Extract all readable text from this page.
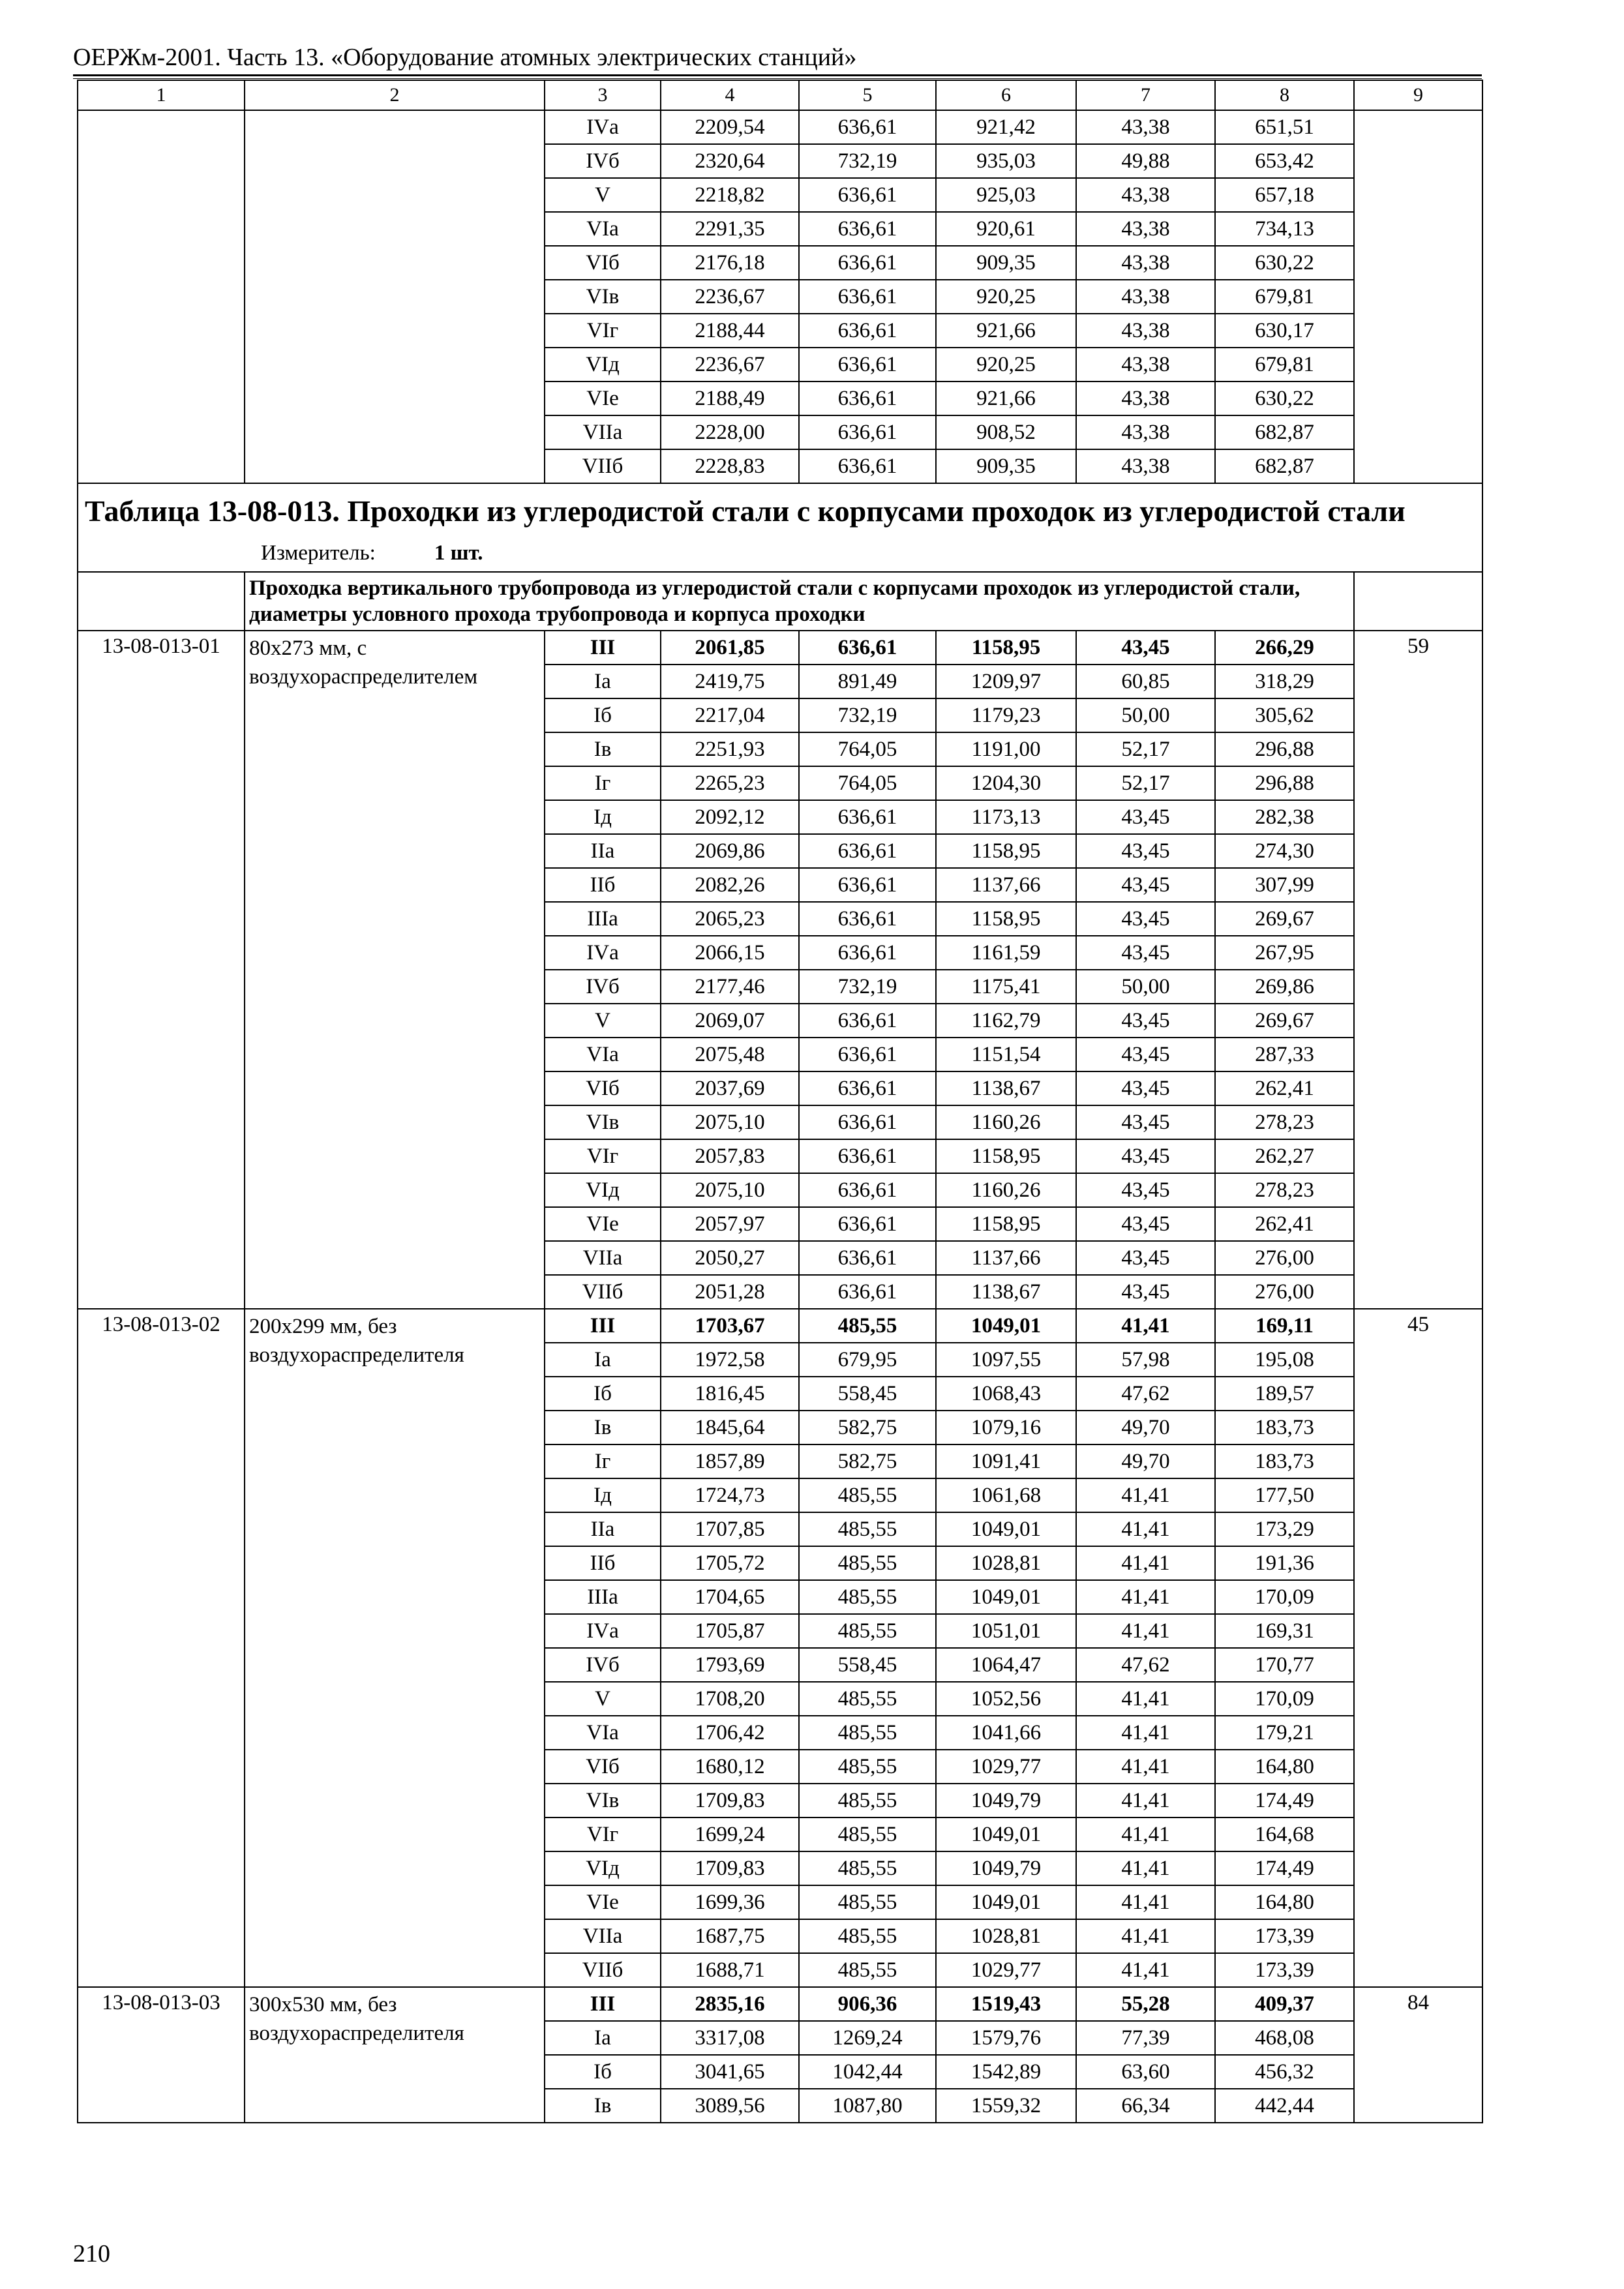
ОЕРЖм-2001. Часть 13. «Оборудование атомных электрических станций»
1	2	3	4	5	6	7	8	9
		IVа	2209,54	636,61	921,42	43,38	651,51	
		IVб	2320,64	732,19	935,03	49,88	653,42	
		V	2218,82	636,61	925,03	43,38	657,18	
		VIа	2291,35	636,61	920,61	43,38	734,13	
		VIб	2176,18	636,61	909,35	43,38	630,22	
		VIв	2236,67	636,61	920,25	43,38	679,81	
		VIг	2188,44	636,61	921,66	43,38	630,17	
		VIд	2236,67	636,61	920,25	43,38	679,81	
		VIе	2188,49	636,61	921,66	43,38	630,22	
		VIIа	2228,00	636,61	908,52	43,38	682,87	
		VIIб	2228,83	636,61	909,35	43,38	682,87	
Таблица 13-08-013. Проходки из углеродистой стали с корпусами проходок из углеродистой стали
Измеритель: 1 шт.								

	Проходка вертикального трубопровода из углеродистой стали с корпусами проходок из углеродистой стали, диаметры условного прохода трубопровода и корпуса проходки							
13-08-013-01	80х273 мм, с воздухораспределителем	III	2061,85	636,61	1158,95	43,45	266,29	59
		Iа	2419,75	891,49	1209,97	60,85	318,29	
		Iб	2217,04	732,19	1179,23	50,00	305,62	
		Iв	2251,93	764,05	1191,00	52,17	296,88	
		Iг	2265,23	764,05	1204,30	52,17	296,88	
		Iд	2092,12	636,61	1173,13	43,45	282,38	
		IIа	2069,86	636,61	1158,95	43,45	274,30	
		IIб	2082,26	636,61	1137,66	43,45	307,99	
		IIIа	2065,23	636,61	1158,95	43,45	269,67	
		IVа	2066,15	636,61	1161,59	43,45	267,95	
		IVб	2177,46	732,19	1175,41	50,00	269,86	
		V	2069,07	636,61	1162,79	43,45	269,67	
		VIа	2075,48	636,61	1151,54	43,45	287,33	
		VIб	2037,69	636,61	1138,67	43,45	262,41	
		VIв	2075,10	636,61	1160,26	43,45	278,23	
		VIг	2057,83	636,61	1158,95	43,45	262,27	
		VIд	2075,10	636,61	1160,26	43,45	278,23	
		VIе	2057,97	636,61	1158,95	43,45	262,41	
		VIIа	2050,27	636,61	1137,66	43,45	276,00	
		VIIб	2051,28	636,61	1138,67	43,45	276,00	
13-08-013-02	200х299 мм, без воздухораспределителя	III	1703,67	485,55	1049,01	41,41	169,11	45
		Iа	1972,58	679,95	1097,55	57,98	195,08	
		Iб	1816,45	558,45	1068,43	47,62	189,57	
		Iв	1845,64	582,75	1079,16	49,70	183,73	
		Iг	1857,89	582,75	1091,41	49,70	183,73	
		Iд	1724,73	485,55	1061,68	41,41	177,50	
		IIа	1707,85	485,55	1049,01	41,41	173,29	
		IIб	1705,72	485,55	1028,81	41,41	191,36	
		IIIа	1704,65	485,55	1049,01	41,41	170,09	
		IVа	1705,87	485,55	1051,01	41,41	169,31	
		IVб	1793,69	558,45	1064,47	47,62	170,77	
		V	1708,20	485,55	1052,56	41,41	170,09	
		VIа	1706,42	485,55	1041,66	41,41	179,21	
		VIб	1680,12	485,55	1029,77	41,41	164,80	
		VIв	1709,83	485,55	1049,79	41,41	174,49	
		VIг	1699,24	485,55	1049,01	41,41	164,68	
		VIд	1709,83	485,55	1049,79	41,41	174,49	
		VIе	1699,36	485,55	1049,01	41,41	164,80	
		VIIа	1687,75	485,55	1028,81	41,41	173,39	
		VIIб	1688,71	485,55	1029,77	41,41	173,39	
13-08-013-03	300х530 мм, без воздухораспределителя	III	2835,16	906,36	1519,43	55,28	409,37	84
		Iа	3317,08	1269,24	1579,76	77,39	468,08	
		Iб	3041,65	1042,44	1542,89	63,60	456,32	
		Iв	3089,56	1087,80	1559,32	66,34	442,44	
210
